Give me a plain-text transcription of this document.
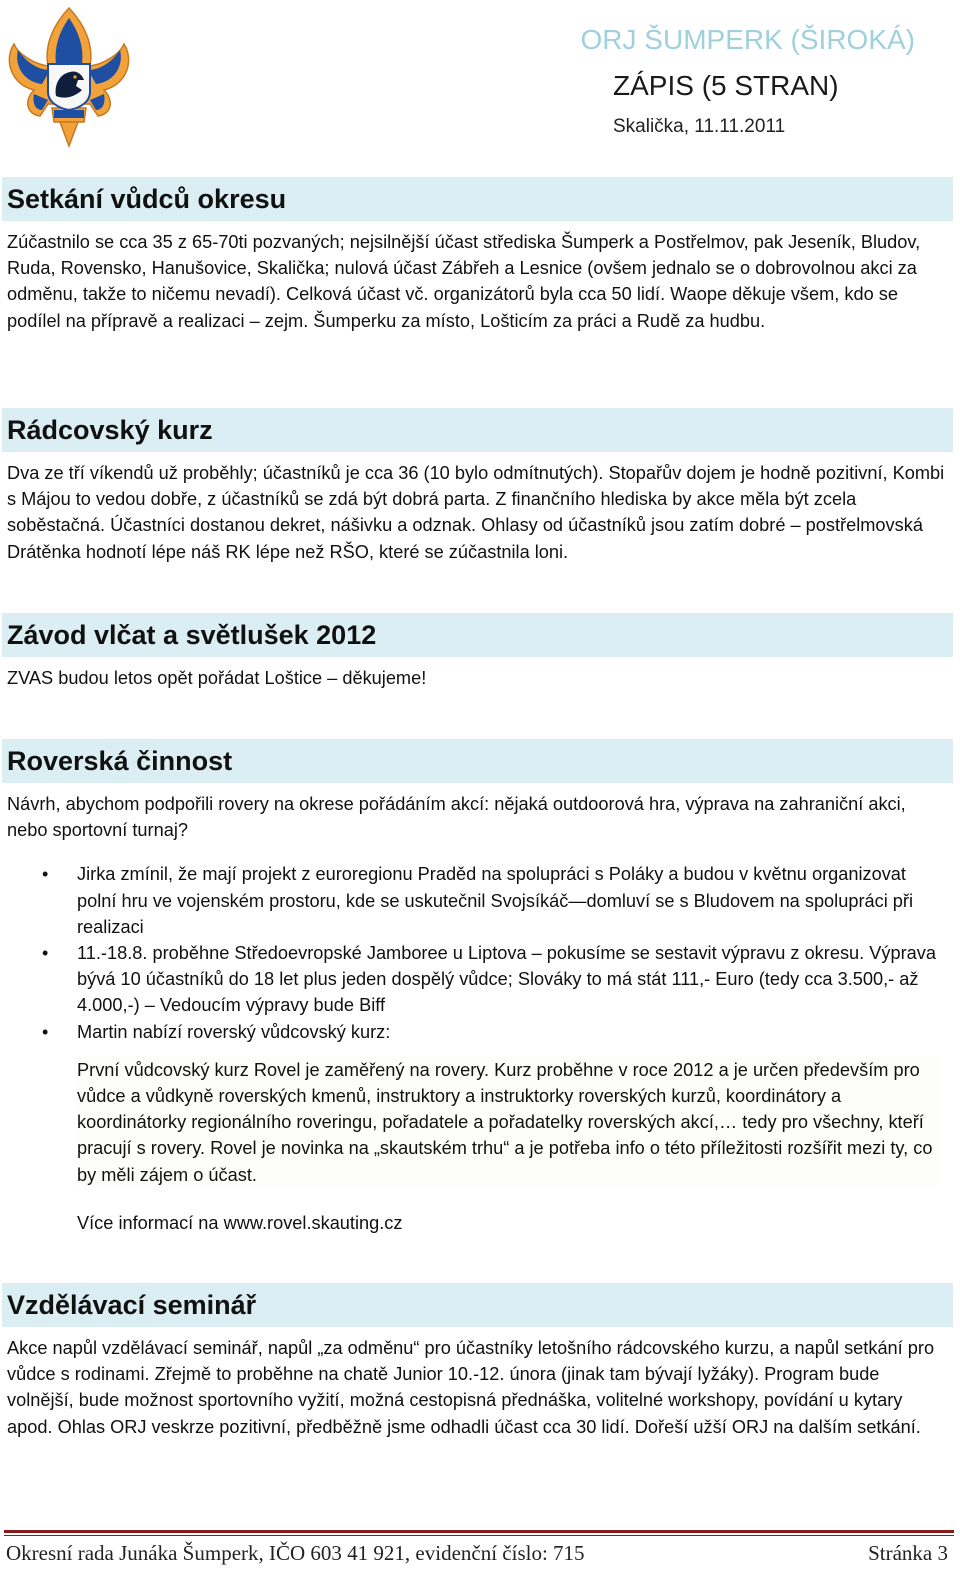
ORJ ŠUMPERK (ŠIROKÁ)
ZÁPIS (5 STRAN)
Skalička, 11.11.2011
Setkání vůdců okresu
Zúčastnilo se cca 35 z 65-70ti pozvaných; nejsilnější účast střediska Šumperk a Postřelmov, pak Jeseník, Bludov, Ruda, Rovensko, Hanušovice, Skalička; nulová účast Zábřeh a Lesnice (ovšem jednalo se o dobrovolnou akci za odměnu, takže to ničemu nevadí). Celková účast vč. organizátorů byla cca 50 lidí. Waope děkuje všem, kdo se podílel na přípravě a realizaci – zejm. Šumperku za místo, Lošticím za práci a Rudě za hudbu.
Rádcovský kurz
Dva ze tří víkendů už proběhly; účastníků je cca 36 (10 bylo odmítnutých). Stopařův dojem je hodně pozitivní, Kombi s Májou to vedou dobře, z účastníků se zdá být dobrá parta. Z finančního hlediska by akce měla být zcela soběstačná. Účastníci dostanou dekret, nášivku a odznak. Ohlasy od účastníků jsou zatím dobré – postřelmovská Drátěnka hodnotí lépe náš RK lépe než RŠO, které se zúčastnila loni.
Závod vlčat a světlušek 2012
ZVAS budou letos opět pořádat Loštice – děkujeme!
Roverská činnost
Návrh, abychom podpořili rovery na okrese pořádáním akcí: nějaká outdoorová hra, výprava na zahraniční akci, nebo sportovní turnaj?
• Jirka zmínil, že mají projekt z euroregionu Praděd na spolupráci s Poláky a budou v květnu organizovat polní hru ve vojenském prostoru, kde se uskutečnil Svojsíkáč—domluví se s Bludovem na spolupráci při realizaci
• 11.-18.8. proběhne Středoevropské Jamboree u Liptova – pokusíme se sestavit výpravu z okresu. Výprava bývá 10 účastníků do 18 let plus jeden dospělý vůdce; Slováky to má stát 111,- Euro (tedy cca 3.500,- až 4.000,-) – Vedoucím výpravy bude Biff
• Martin nabízí roverský vůdcovský kurz:
První vůdcovský kurz Rovel je zaměřený na rovery. Kurz proběhne v roce 2012 a je určen především pro vůdce a vůdkyně roverských kmenů, instruktory a instruktorky roverských kurzů, koordinátory a koordinátorky regionálního roveringu, pořadatele a pořadatelky roverských akcí,… tedy pro všechny, kteří pracují s rovery. Rovel je novinka na „skautském trhu“ a je potřeba info o této příležitosti rozšířit mezi ty, co by měli zájem o účast.
Více informací na www.rovel.skauting.cz
Vzdělávací seminář
Akce napůl vzdělávací seminář, napůl „za odměnu“ pro účastníky letošního rádcovského kurzu, a napůl setkání pro vůdce s rodinami. Zřejmě to proběhne na chatě Junior 10.-12. února (jinak tam bývají lyžáky). Program bude volnější, bude možnost sportovního vyžití, možná cestopisná přednáška, volitelné workshopy, povídání u kytary apod. Ohlas ORJ veskrze pozitivní, předběžně jsme odhadli účast cca 30 lidí. Dořeší užší ORJ na dalším setkání.
Okresní rada Junáka Šumperk, IČO 603 41 921, evidenční číslo: 715	Stránka 3
